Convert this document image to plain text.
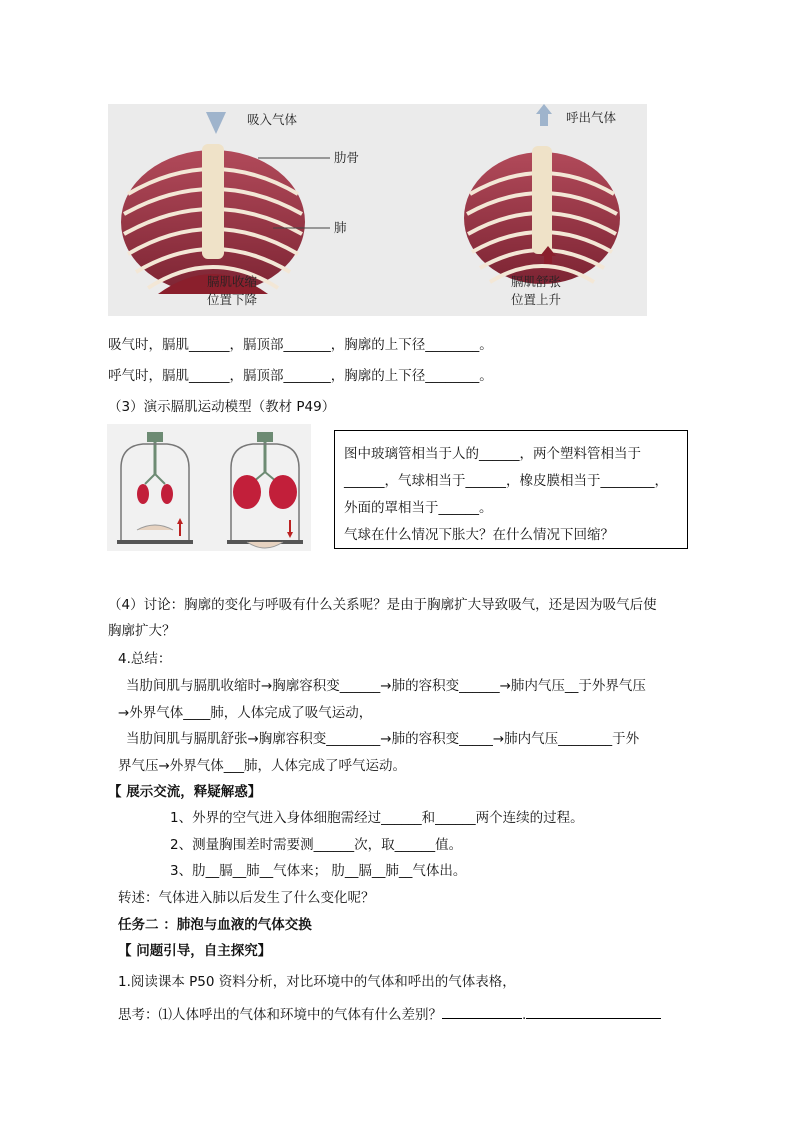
吸入气体
肋骨
肺
膈肌收缩
位置下降
呼出气体
膈肌舒张
位置上升
吸气时，膈肌______，膈顶部_______，胸廓的上下径________。
呼气时，膈肌______，膈顶部_______，胸廓的上下径________。
（3）演示膈肌运动模型（教材 P49）
图中玻璃管相当于人的______，两个塑料管相当于
______，气球相当于______，橡皮膜相当于________，
外面的罩相当于______。
气球在什么情况下胀大？在什么情况下回缩？
（4）讨论：胸廓的变化与呼吸有什么关系呢？是由于胸廓扩大导致吸气，还是因为吸气后使
胸廓扩大？
4.总结：
当肋间肌与膈肌收缩时→胸廓容积变______→肺的容积变______→肺内气压__于外界气压
→外界气体____肺，人体完成了吸气运动，
当肋间肌与膈肌舒张→胸廓容积变________→肺的容积变_____→肺内气压________于外
界气压→外界气体___肺，人体完成了呼气运动。
【 展示交流，释疑解惑】
1、外界的空气进入身体细胞需经过______和______两个连续的过程。
2、测量胸围差时需要测______次，取______值。
3、肋__膈__肺__气体来； 肋__膈__肺__气体出。
转述：气体进入肺以后发生了什么变化呢？
任务二 ：肺泡与血液的气体交换
【 问题引导，自主探究】
1.阅读课本 P50 资料分析，对比环境中的气体和呼出的气体表格，
思考：⑴人体呼出的气体和环境中的气体有什么差别？	.
